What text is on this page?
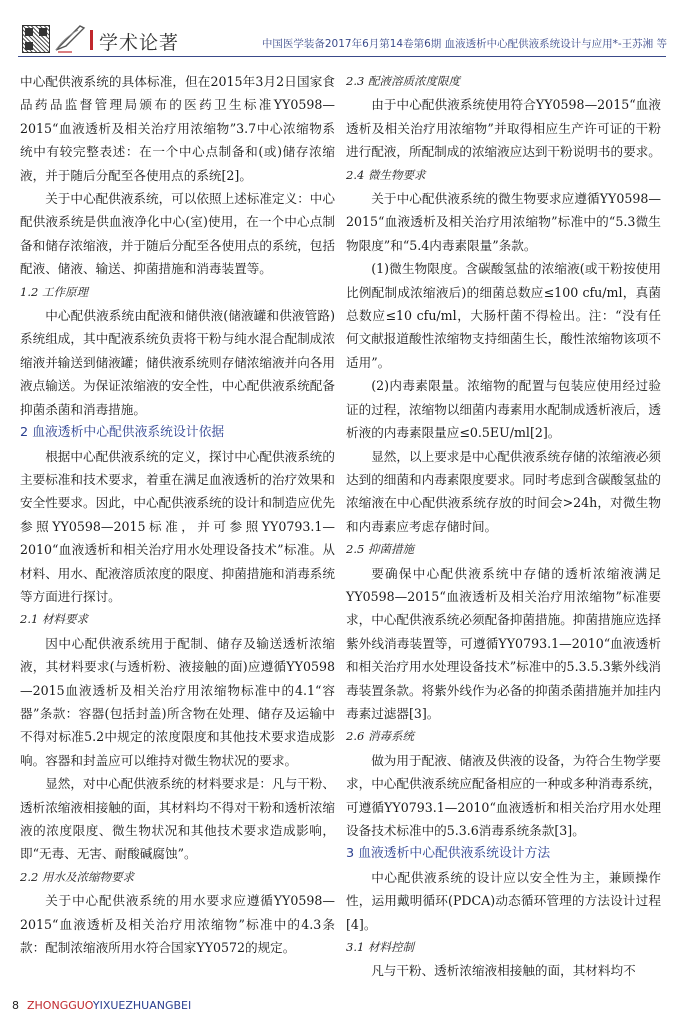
学术论著	中国医学装备2017年6月第14卷第6期 血液透析中心配供液系统设计与应用*-王苏湘 等

中心配供液系统的具体标准，但在2015年3月2日国家食品药品监督管理局颁布的医药卫生标准YY0598—2015“血液透析及相关治疗用浓缩物”3.7中心浓缩物系统中有较完整表述：在一个中心点制备和(或)储存浓缩液，并于随后分配至各使用点的系统[2]。

关于中心配供液系统，可以依照上述标准定义：中心配供液系统是供血液净化中心(室)使用，在一个中心点制备和储存浓缩液，并于随后分配至各使用点的系统，包括配液、储液、输送、抑菌措施和消毒装置等。

1.2 工作原理

中心配供液系统由配液和储供液(储液罐和供液管路)系统组成，其中配液系统负责将干粉与纯水混合配制成浓缩液并输送到储液罐；储供液系统则存储浓缩液并向各用液点输送。为保证浓缩液的安全性，中心配供液系统配备抑菌杀菌和消毒措施。

2 血液透析中心配供液系统设计依据

根据中心配供液系统的定义，探讨中心配供液系统的主要标准和技术要求，着重在满足血液透析的治疗效果和安全性要求。因此，中心配供液系统的设计和制造应优先参照YY0598—2015标准，并可参照YY0793.1—2010“血液透析和相关治疗用水处理设备技术”标准。从材料、用水、配液溶质浓度的限度、抑菌措施和消毒系统等方面进行探讨。

2.1 材料要求

因中心配供液系统用于配制、储存及输送透析浓缩液，其材料要求(与透析粉、液接触的面)应遵循YY0598—2015血液透析及相关治疗用浓缩物标准中的4.1“容器”条款：容器(包括封盖)所含物在处理、储存及运输中不得对标准5.2中规定的浓度限度和其他技术要求造成影响。容器和封盖应可以维持对微生物状况的要求。

显然，对中心配供液系统的材料要求是：凡与干粉、透析浓缩液相接触的面，其材料均不得对干粉和透析浓缩液的浓度限度、微生物状况和其他技术要求造成影响，即“无毒、无害、耐酸碱腐蚀”。

2.2 用水及浓缩物要求

关于中心配供液系统的用水要求应遵循YY0598—2015“血液透析及相关治疗用浓缩物”标准中的4.3条款：配制浓缩液所用水符合国家YY0572的规定。

2.3 配液溶质浓度限度

由于中心配供液系统使用符合YY0598—2015“血液透析及相关治疗用浓缩物”并取得相应生产许可证的干粉进行配液，所配制成的浓缩液应达到干粉说明书的要求。

2.4 微生物要求

关于中心配供液系统的微生物要求应遵循YY0598—2015“血液透析及相关治疗用浓缩物”标准中的“5.3微生物限度”和“5.4内毒素限量”条款。

(1)微生物限度。含碳酸氢盐的浓缩液(或干粉按使用比例配制成浓缩液后)的细菌总数应≤100 cfu/ml，真菌总数应≤10 cfu/ml，大肠杆菌不得检出。注：“没有任何文献报道酸性浓缩物支持细菌生长，酸性浓缩物该项不适用”。

(2)内毒素限量。浓缩物的配置与包装应使用经过验证的过程，浓缩物以细菌内毒素用水配制成透析液后，透析液的内毒素限量应≤0.5EU/ml[2]。

显然，以上要求是中心配供液系统存储的浓缩液必须达到的细菌和内毒素限度要求。同时考虑到含碳酸氢盐的浓缩液在中心配供液系统存放的时间会>24h，对微生物和内毒素应考虑存储时间。

2.5 抑菌措施

要确保中心配供液系统中存储的透析浓缩液满足YY0598—2015“血液透析及相关治疗用浓缩物”标准要求，中心配供液系统必须配备抑菌措施。抑菌措施应选择紫外线消毒装置等，可遵循YY0793.1—2010“血液透析和相关治疗用水处理设备技术”标准中的5.3.5.3紫外线消毒装置条款。将紫外线作为必备的抑菌杀菌措施并加挂内毒素过滤器[3]。

2.6 消毒系统

做为用于配液、储液及供液的设备，为符合生物学要求，中心配供液系统应配备相应的一种或多种消毒系统，可遵循YY0793.1—2010“血液透析和相关治疗用水处理设备技术标准中的5.3.6消毒系统条款[3]。

3 血液透析中心配供液系统设计方法

中心配供液系统的设计应以安全性为主，兼顾操作性，运用戴明循环(PDCA)动态循环管理的方法设计过程[4]。

3.1 材料控制

凡与干粉、透析浓缩液相接触的面，其材料均不

8 ZHONGGUOYIXUEZHUANGBEI
